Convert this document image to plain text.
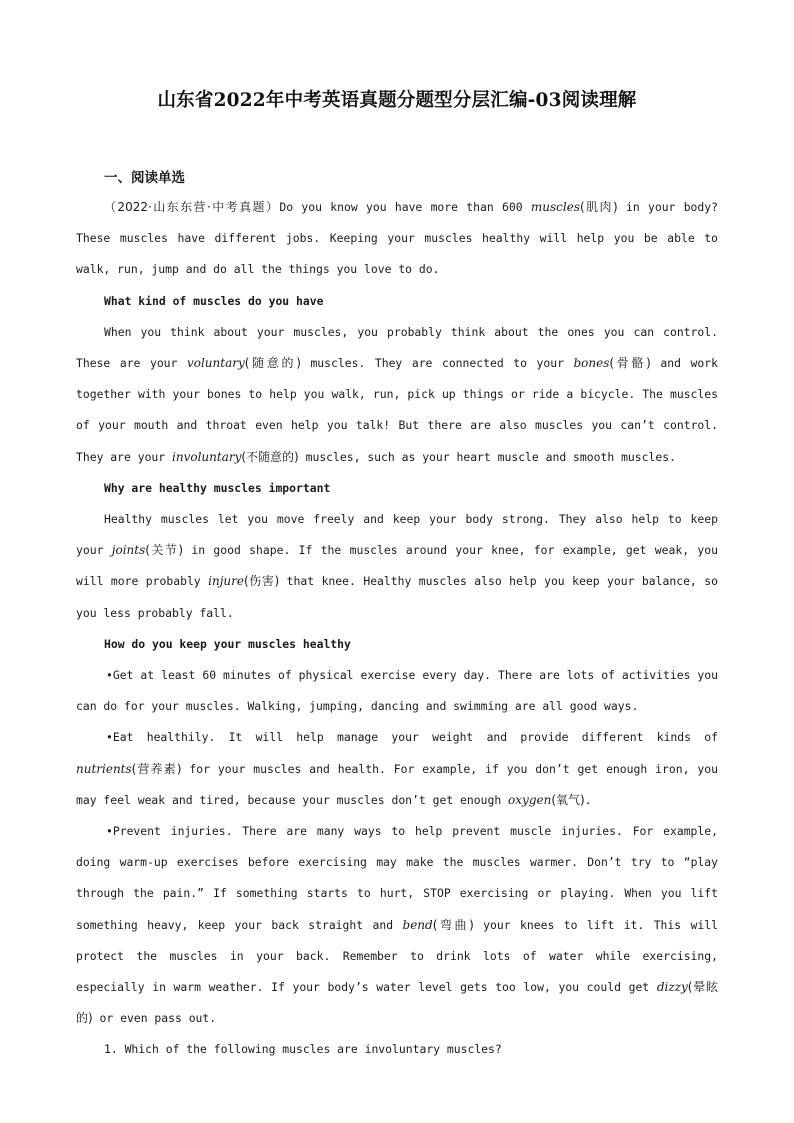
山东省2022年中考英语真题分题型分层汇编-03阅读理解
一、阅读单选

（2022·山东东营·中考真题）Do you know you have more than 600 muscles(肌肉) in your body? These muscles have different jobs. Keeping your muscles healthy will help you be able to walk, run, jump and do all the things you love to do.

What kind of muscles do you have

When you think about your muscles, you probably think about the ones you can control. These are your voluntary(随意的) muscles. They are connected to your bones(骨骼) and work together with your bones to help you walk, run, pick up things or ride a bicycle. The muscles of your mouth and throat even help you talk! But there are also muscles you can’t control. They are your involuntary(不随意的) muscles, such as your heart muscle and smooth muscles.

Why are healthy muscles important

Healthy muscles let you move freely and keep your body strong. They also help to keep your joints(关节) in good shape. If the muscles around your knee, for example, get weak, you will more probably injure(伤害) that knee. Healthy muscles also help you keep your balance, so you less probably fall.

How do you keep your muscles healthy

•Get at least 60 minutes of physical exercise every day. There are lots of activities you can do for your muscles. Walking, jumping, dancing and swimming are all good ways.

•Eat healthily. It will help manage your weight and provide different kinds of nutrients(营养素) for your muscles and health. For example, if you don’t get enough iron, you may feel weak and tired, because your muscles don’t get enough oxygen(氧气).

•Prevent injuries. There are many ways to help prevent muscle injuries. For example, doing warm-up exercises before exercising may make the muscles warmer. Don’t try to “play through the pain.” If something starts to hurt, STOP exercising or playing. When you lift something heavy, keep your back straight and bend(弯曲) your knees to lift it. This will protect the muscles in your back. Remember to drink lots of water while exercising, especially in warm weather. If your body’s water level gets too low, you could get dizzy(晕眩的) or even pass out.

1. Which of the following muscles are involuntary muscles?
